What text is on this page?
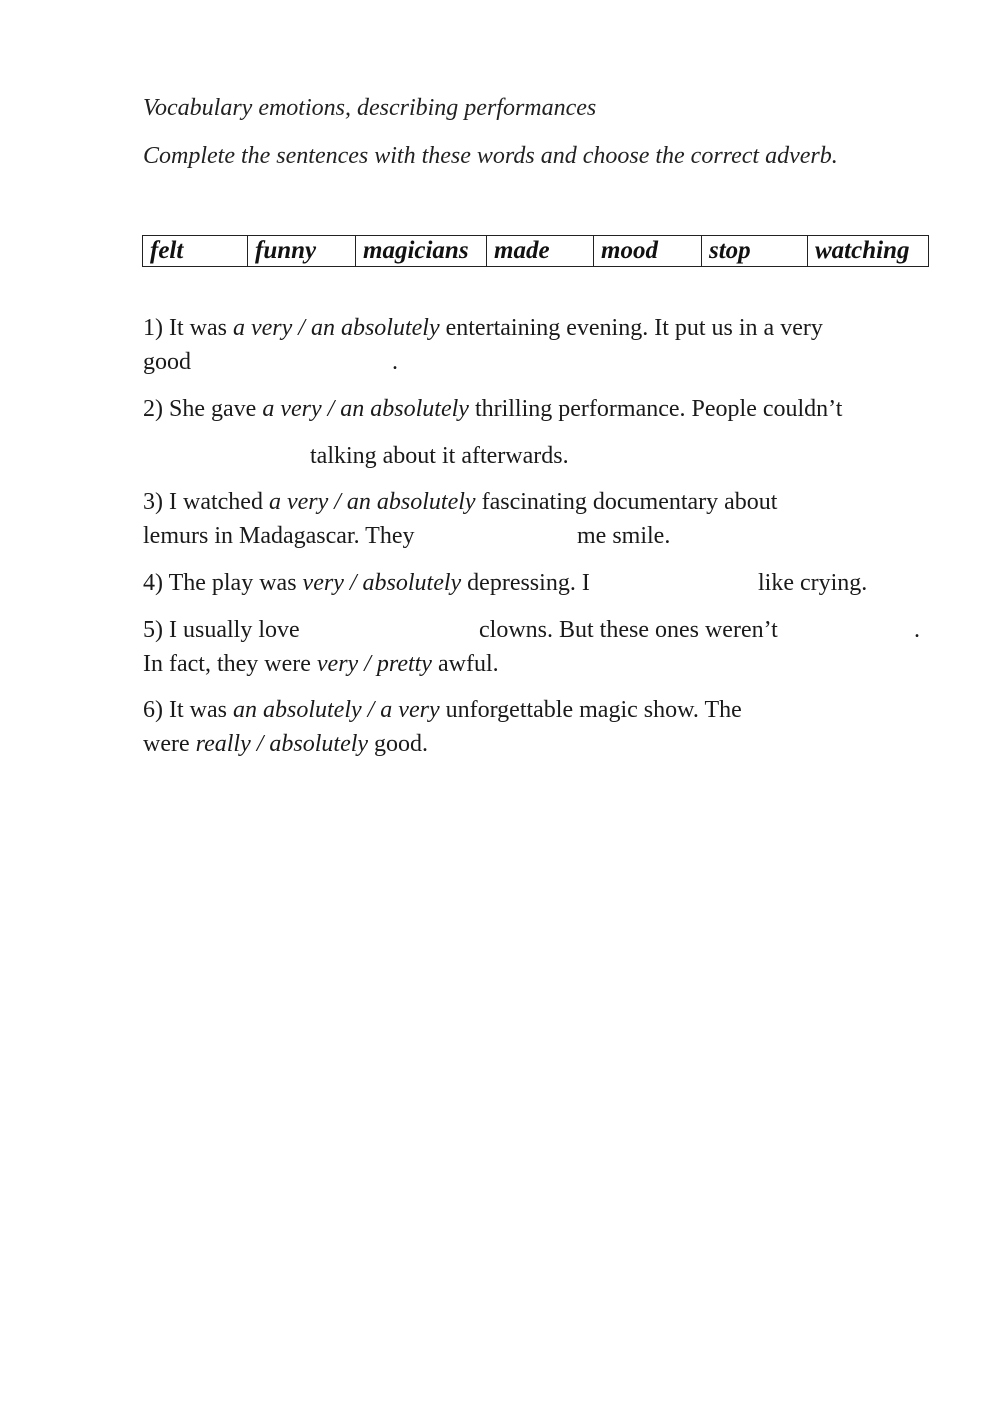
Vocabulary emotions, describing performances
Complete the sentences with these words and choose the correct adverb.
felt	funny	magicians	made	mood	stop	watching
1) It was a very / an absolutely entertaining evening. It put us in a very
good	.
2) She gave a very / an absolutely thrilling performance. People couldn’t
talking about it afterwards.
3) I watched a very / an absolutely fascinating documentary about
lemurs in Madagascar. They	me smile.
4) The play was very / absolutely depressing. I	like crying.
5) I usually love	clowns. But these ones weren’t	.
In fact, they were very / pretty awful.
6) It was an absolutely / a very unforgettable magic show. The
were really / absolutely good.
